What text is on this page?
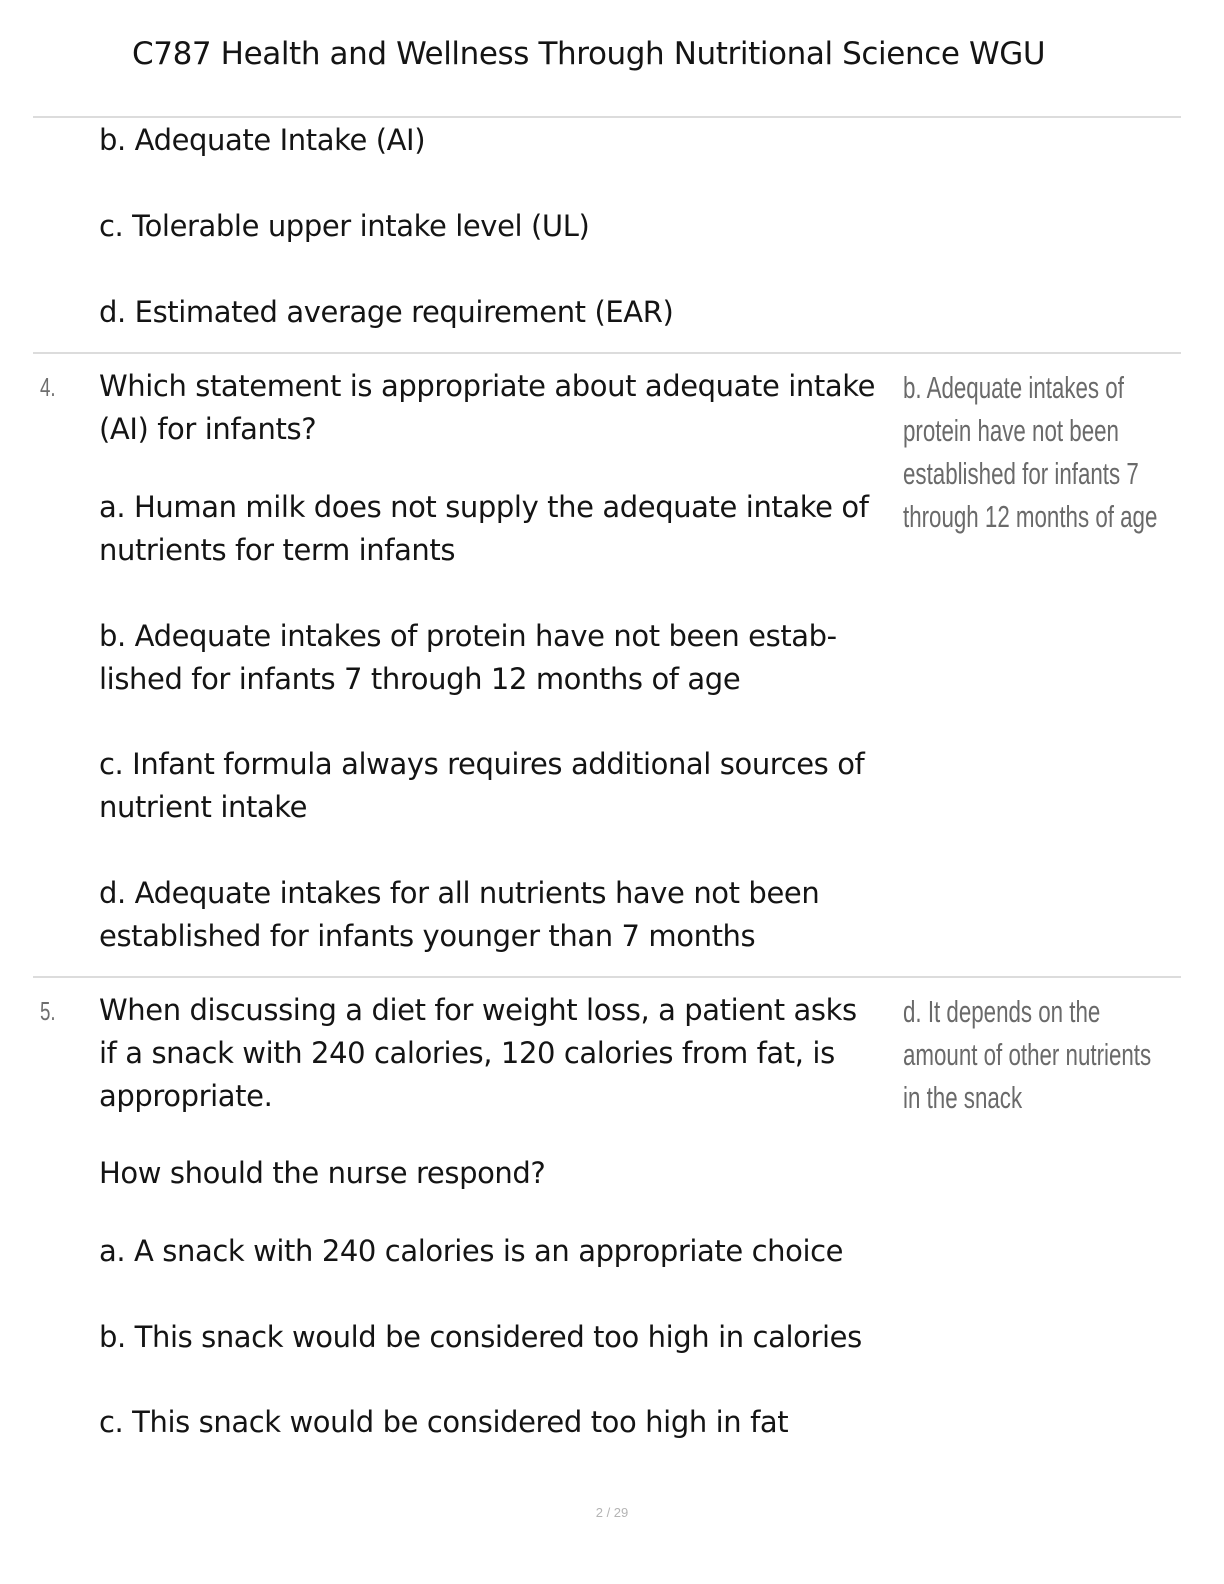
C787 Health and Wellness Through Nutritional Science WGU
b. Adequate Intake (AI)
c. Tolerable upper intake level (UL)
d. Estimated average requirement (EAR)
4. Which statement is appropriate about adequate intake
(AI) for infants?
a. Human milk does not supply the adequate intake of
nutrients for term infants
b. Adequate intakes of protein have not been estab-
lished for infants 7 through 12 months of age
c. Infant formula always requires additional sources of
nutrient intake
d. Adequate intakes for all nutrients have not been
established for infants younger than 7 months
b. Adequate intakes of
protein have not been
established for infants 7
through 12 months of age
5. When discussing a diet for weight loss, a patient asks
if a snack with 240 calories, 120 calories from fat, is
appropriate.
How should the nurse respond?
a. A snack with 240 calories is an appropriate choice
b. This snack would be considered too high in calories
c. This snack would be considered too high in fat
d. It depends on the
amount of other nutrients
in the snack
2 / 29
